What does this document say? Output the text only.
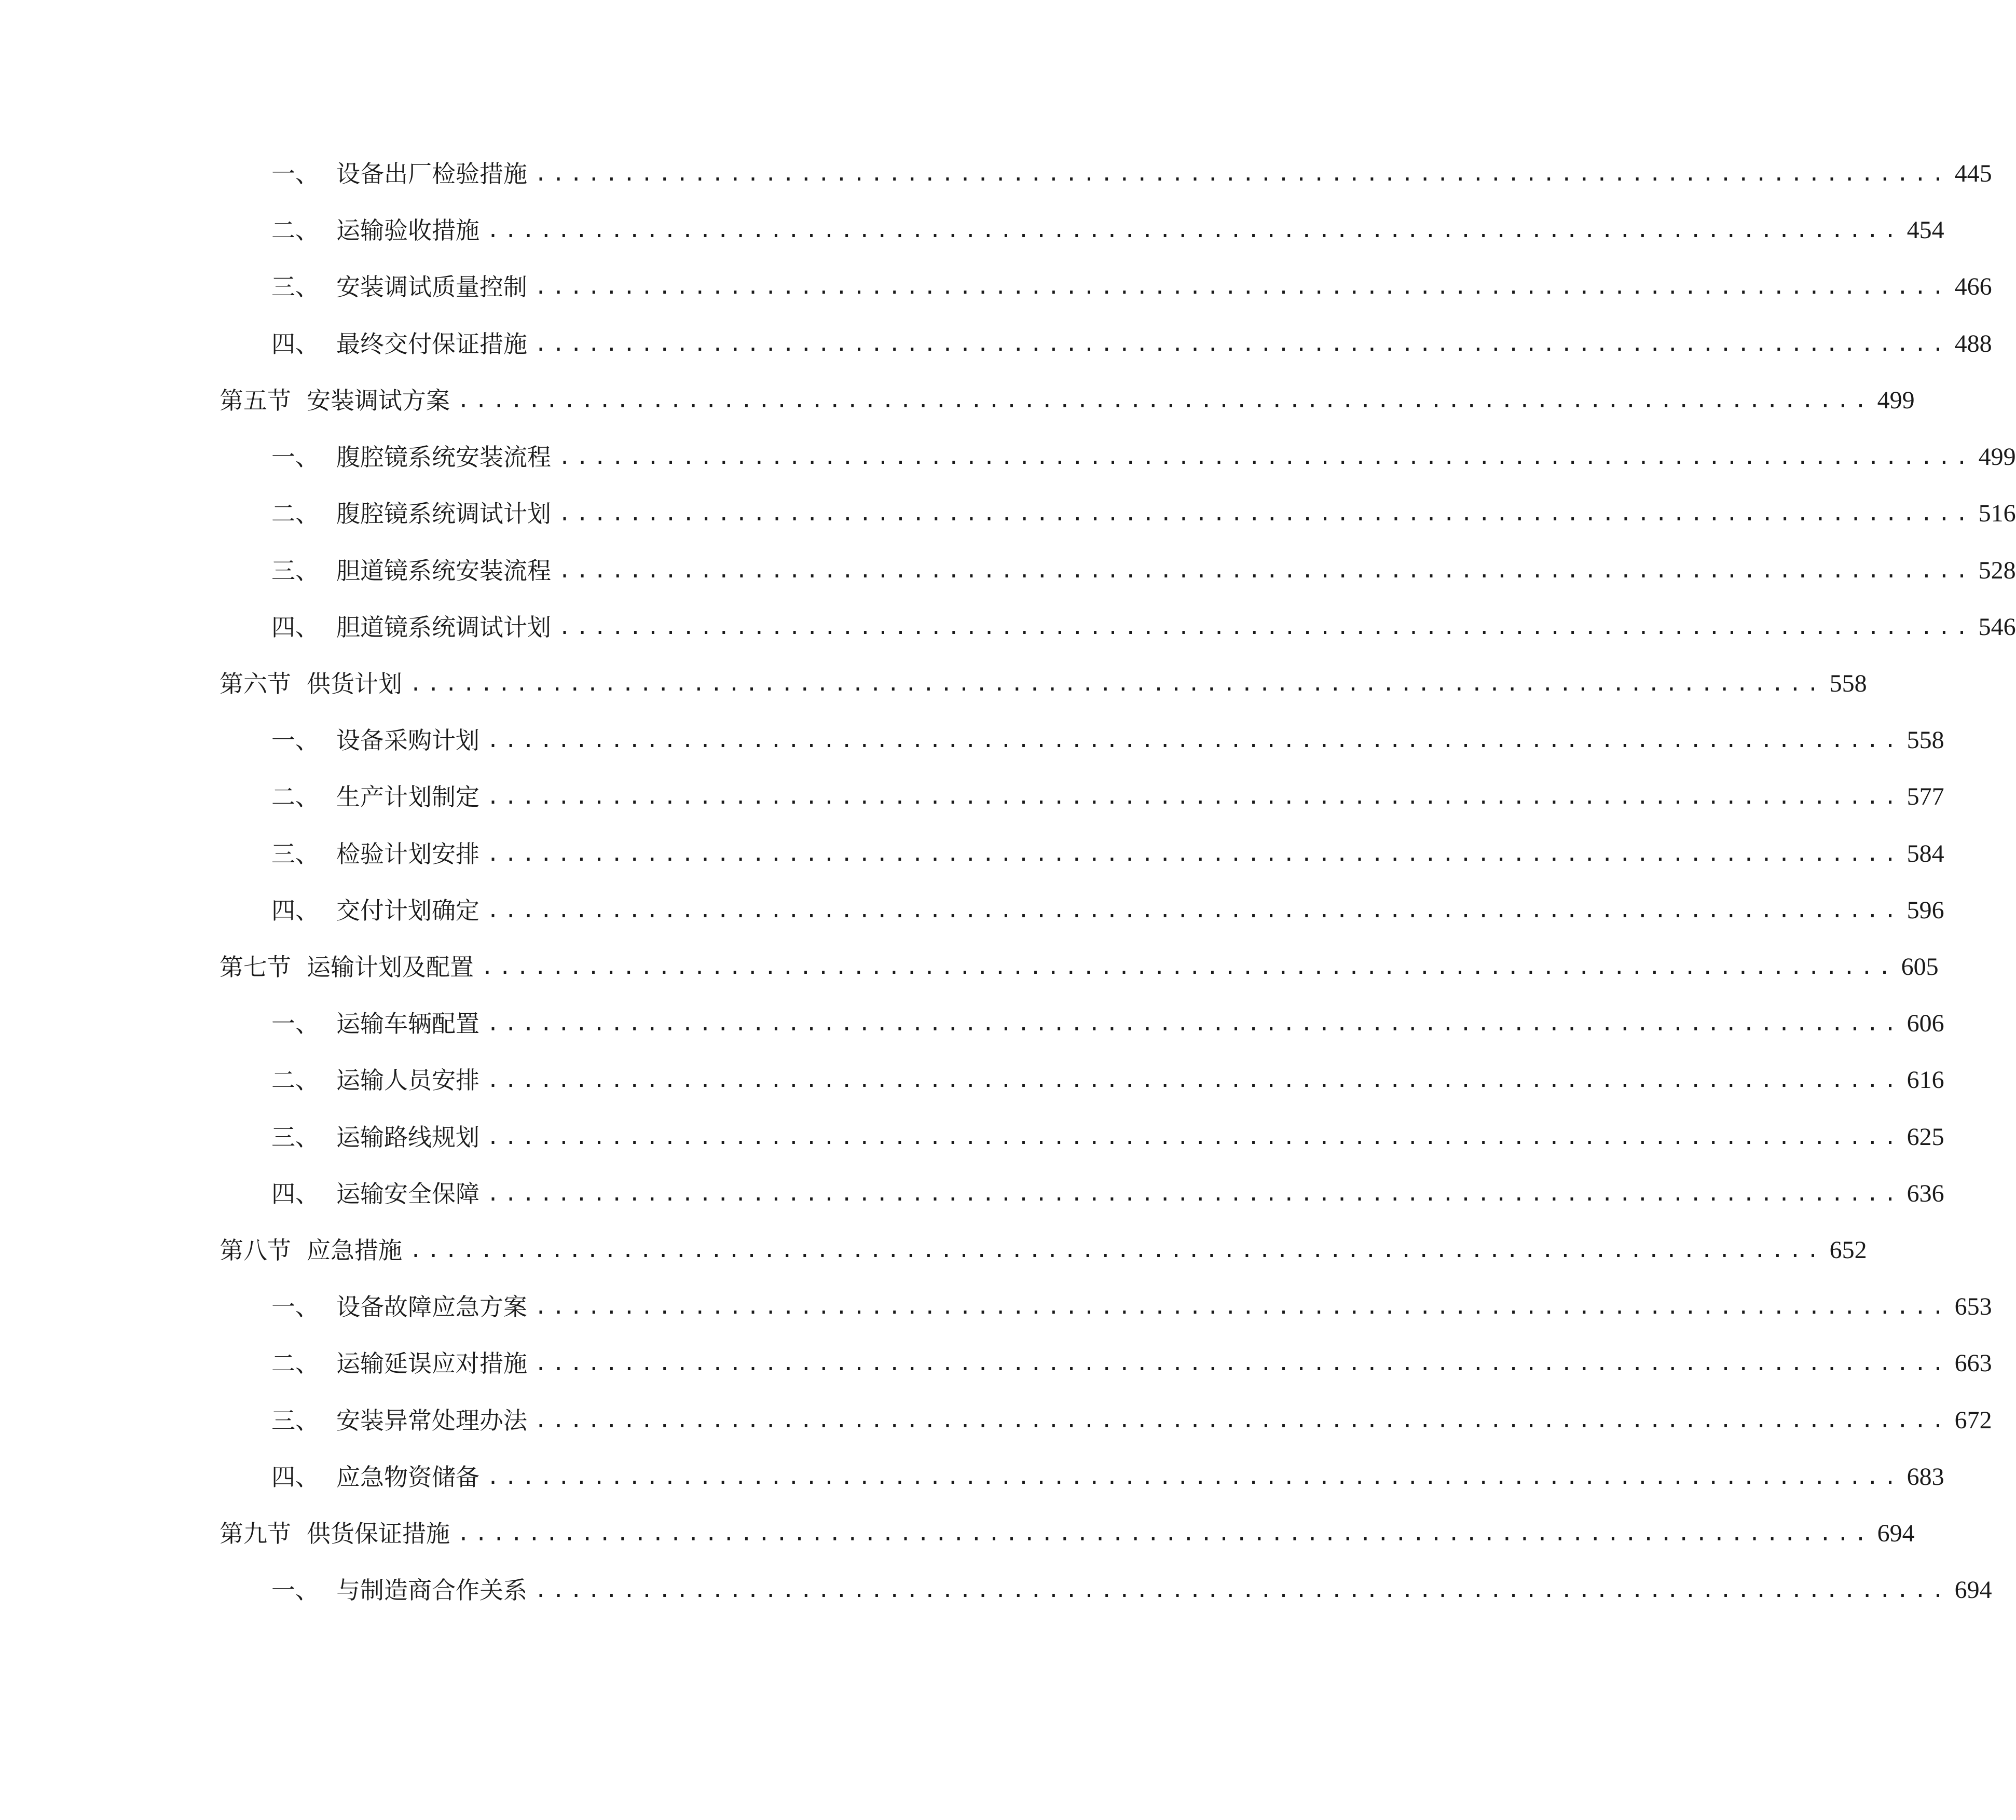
一、 设备出厂检验措施 ................................................................................ 445
二、 运输验收措施 ................................................................................ 454
三、 安装调试质量控制 ................................................................................ 466
四、 最终交付保证措施 ................................................................................ 488
第五节 安装调试方案 ................................................................................ 499
一、 腹腔镜系统安装流程 ................................................................................ 499
二、 腹腔镜系统调试计划 ................................................................................ 516
三、 胆道镜系统安装流程 ................................................................................ 528
四、 胆道镜系统调试计划 ................................................................................ 546
第六节 供货计划 ................................................................................ 558
一、 设备采购计划 ................................................................................ 558
二、 生产计划制定 ................................................................................ 577
三、 检验计划安排 ................................................................................ 584
四、 交付计划确定 ................................................................................ 596
第七节 运输计划及配置 ................................................................................ 605
一、 运输车辆配置 ................................................................................ 606
二、 运输人员安排 ................................................................................ 616
三、 运输路线规划 ................................................................................ 625
四、 运输安全保障 ................................................................................ 636
第八节 应急措施 ................................................................................ 652
一、 设备故障应急方案 ................................................................................ 653
二、 运输延误应对措施 ................................................................................ 663
三、 安装异常处理办法 ................................................................................ 672
四、 应急物资储备 ................................................................................ 683
第九节 供货保证措施 ................................................................................ 694
一、 与制造商合作关系 ................................................................................ 694
